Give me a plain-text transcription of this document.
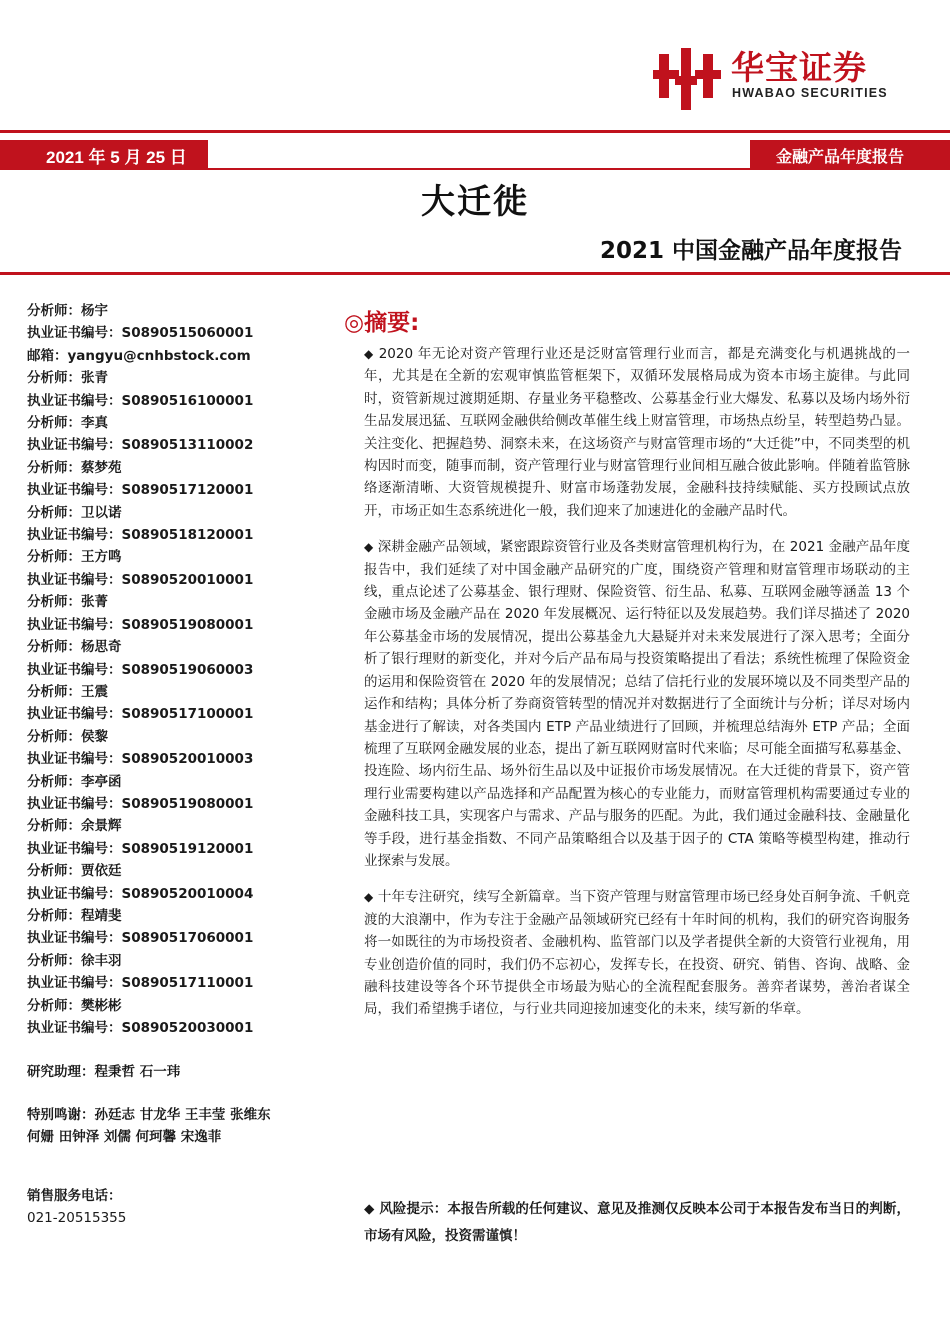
华宝证券
HWABAO SECURITIES
2021 年 5 月 25 日	金融产品年度报告
大迁徙
2021 中国金融产品年度报告
分析师：杨宇
执业证书编号：S0890515060001
邮箱：yangyu@cnhbstock.com
分析师：张青
执业证书编号：S0890516100001
分析师：李真
执业证书编号：S0890513110002
分析师：蔡梦苑
执业证书编号：S0890517120001
分析师：卫以诺
执业证书编号：S0890518120001
分析师：王方鸣
执业证书编号：S0890520010001
分析师：张菁
执业证书编号：S0890519080001
分析师：杨思奇
执业证书编号：S0890519060003
分析师：王震
执业证书编号：S0890517100001
分析师：侯黎
执业证书编号：S0890520010003
分析师：李亭函
执业证书编号：S0890519080001
分析师：余景辉
执业证书编号：S0890519120001
分析师：贾依廷
执业证书编号：S0890520010004
分析师：程靖斐
执业证书编号：S0890517060001
分析师：徐丰羽
执业证书编号：S0890517110001
分析师：樊彬彬
执业证书编号：S0890520030001
研究助理：程秉哲 石一玮
特别鸣谢：孙廷志 甘龙华 王丰莹 张维东
何姗 田钟泽 刘儒 何珂馨 宋逸菲
销售服务电话：
021-20515355
◎摘要:
◆ 2020 年无论对资产管理行业还是泛财富管理行业而言，都是充满变化与机遇挑战的一年，尤其是在全新的宏观审慎监管框架下，双循环发展格局成为资本市场主旋律。与此同时，资管新规过渡期延期、存量业务平稳整改、公募基金行业大爆发、私募以及场内场外衍生品发展迅猛、互联网金融供给侧改革催生线上财富管理，市场热点纷呈，转型趋势凸显。关注变化、把握趋势、洞察未来，在这场资产与财富管理市场的“大迁徙”中，不同类型的机构因时而变，随事而制，资产管理行业与财富管理行业间相互融合彼此影响。伴随着监管脉络逐渐清晰、大资管规模提升、财富市场蓬勃发展，金融科技持续赋能、买方投顾试点放开，市场正如生态系统进化一般，我们迎来了加速进化的金融产品时代。
◆ 深耕金融产品领域，紧密跟踪资管行业及各类财富管理机构行为，在 2021 金融产品年度报告中，我们延续了对中国金融产品研究的广度，围绕资产管理和财富管理市场联动的主线，重点论述了公募基金、银行理财、保险资管、衍生品、私募、互联网金融等涵盖 13 个金融市场及金融产品在 2020 年发展概况、运行特征以及发展趋势。我们详尽描述了 2020 年公募基金市场的发展情况，提出公募基金九大悬疑并对未来发展进行了深入思考；全面分析了银行理财的新变化，并对今后产品布局与投资策略提出了看法；系统性梳理了保险资金的运用和保险资管在 2020 年的发展情况；总结了信托行业的发展环境以及不同类型产品的运作和结构；具体分析了券商资管转型的情况并对数据进行了全面统计与分析；详尽对场内基金进行了解读，对各类国内 ETP 产品业绩进行了回顾，并梳理总结海外 ETP 产品；全面梳理了互联网金融发展的业态，提出了新互联网财富时代来临；尽可能全面描写私募基金、投连险、场内衍生品、场外衍生品以及中证报价市场发展情况。在大迁徙的背景下，资产管理行业需要构建以产品选择和产品配置为核心的专业能力，而财富管理机构需要通过专业的金融科技工具，实现客户与需求、产品与服务的匹配。为此，我们通过金融科技、金融量化等手段，进行基金指数、不同产品策略组合以及基于因子的 CTA 策略等模型构建，推动行业探索与发展。
◆ 十年专注研究，续写全新篇章。当下资产管理与财富管理市场已经身处百舸争流、千帆竞渡的大浪潮中，作为专注于金融产品领域研究已经有十年时间的机构，我们的研究咨询服务将一如既往的为市场投资者、金融机构、监管部门以及学者提供全新的大资管行业视角，用专业创造价值的同时，我们仍不忘初心，发挥专长，在投资、研究、销售、咨询、战略、金融科技建设等各个环节提供全市场最为贴心的全流程配套服务。善弈者谋势，善治者谋全局，我们希望携手诸位，与行业共同迎接加速变化的未来，续写新的华章。
◆ 风险提示：本报告所载的任何建议、意见及推测仅反映本公司于本报告发布当日的判断，市场有风险，投资需谨慎！
